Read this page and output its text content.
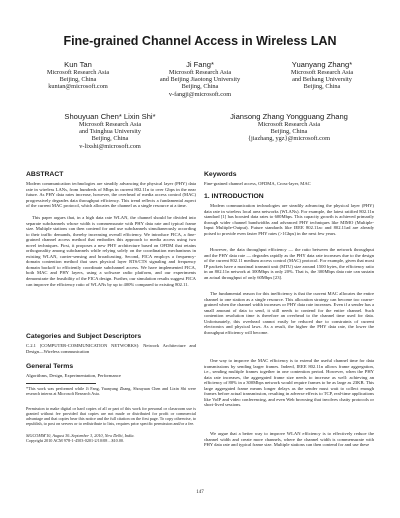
Fine-grained Channel Access in Wireless LAN
Kun Tan
Microsoft Research Asia
Beijing, China
kuntan@microsoft.com
Ji Fang*
Microsoft Research Asia
and Beijing Jiaotong University
Beijing, China
v-fangji@microsoft.com
Yuanyang Zhang*
Microsoft Research Asia
and Beihang University
Beijing, China
Shouyuan Chen* Lixin Shi*
Microsoft Research Asia
and Tsinghua University
Beijing, China
v-lixshi@microsoft.com
Jiansong Zhang Yongguang Zhang
Microsoft Research Asia
Beijing, China
{jiazhang, ygz}@microsoft.com
ABSTRACT

Modern communication technologies are steadily advancing the physical layer (PHY) data rate in wireless LANs, from hundreds of Mbps in current 802.11n to over Gbps in the near future. As PHY data rates increase, however, the overhead of media access control (MAC) progressively degrades data throughput efficiency. This trend reflects a fundamental aspect of the current MAC protocol, which allocates the channel as a single resource at a time.

This paper argues that, in a high data rate WLAN, the channel should be divided into separate subchannels whose width is commensurate with PHY data rate and typical frame size. Multiple stations can then contend for and use subchannels simultaneously according to their traffic demands, thereby increasing overall efficiency. We introduce FICA, a fine-grained channel access method that embodies this approach to media access using two novel techniques. First, it proposes a new PHY architecture based on OFDM that retains orthogonality among subchannels while relying solely on the coordination mechanisms in existing WLAN, carrier-sensing and broadcasting. Second, FICA employs a frequency-domain contention method that uses physical layer RTS/CTS signaling and frequency domain backoff to efficiently coordinate subchannel access. We have implemented FICA, both MAC and PHY layers, using a software radio platform, and our experiments demonstrate the feasibility of the FICA design. Further, our simulation results suggest FICA can improve the efficiency ratio of WLANs by up to 400% compared to existing 802.11.

Categories and Subject Descriptors

C.2.1 [COMPUTER-COMMUNICATION NETWORKS]: Network Architecture and Design—Wireless communication

General Terms

Algorithms, Design, Experimentation, Performance

*This work was performed while Ji Fang, Yuanyang Zhang, Shouyuan Chen and Lixin Shi were research interns at Microsoft Research Asia.

Permission to make digital or hard copies of all or part of this work for personal or classroom use is granted without fee provided that copies are not made or distributed for profit or commercial advantage and that copies bear this notice and the full citation on the first page. To copy otherwise, to republish, to post on servers or to redistribute to lists, requires prior specific permission and/or a fee.

SIGCOMM'10, August 30–September 3, 2010, New Delhi, India.

Copyright 2010 ACM 978-1-4503-0201-2/10/08 ...$10.00.

Keywords

Fine-grained channel access, OFDMA, Cross-layer, MAC

1. INTRODUCTION

Modern communication technologies are steadily advancing the physical layer (PHY) data rate in wireless local area networks (WLANs). For example, the latest ratified 802.11n standard [1] has boosted data rates to 600Mbps. This capacity growth is achieved primarily through wider channel bandwidths and advanced PHY techniques like MIMO (Multiple-Input Multiple-Output). Future standards like IEEE 802.11ac and 802.11ad are already poised to provide even faster PHY rates (>1Gbps) in the next few years.

However, the data throughput efficiency — the ratio between the network throughput and the PHY data rate — degrades rapidly as the PHY data rate increases due to the design of the current 802.11 medium access control (MAC) protocol. For example, given that most IP packets have a maximal transmit unit (MTU) size around 1500 bytes, the efficiency ratio in an 802.11n network at 300Mbps is only 20%. That is, the 300Mbps data rate can sustain an actual throughput of only 60Mbps [23].

The fundamental reason for this inefficiency is that the current MAC allocates the entire channel to one station as a single resource. This allocation strategy can become too coarse-grained when the channel width increases or PHY data rate increases. Even if a sender has a small amount of data to send, it still needs to contend for the entire channel. Such contention resolution time is therefore an overhead to the channel time used for data. Unfortunately, this overhead cannot easily be reduced due to constraints of current electronics and physical laws. As a result, the higher the PHY data rate, the lower the throughput efficiency will become.

One way to improve the MAC efficiency is to extend the useful channel time for data transmissions by sending larger frames. Indeed, IEEE 802.11n allows frame aggregation, i.e., sending multiple frames together in one contention period. However, when the PHY data rate increases, the aggregated frame size needs to increase as well: achieving an efficiency of 80% in a 300Mbps network would require frames to be as large as 23KB. This large aggregated frame means longer delays as the sender must wait to collect enough frames before actual transmission, resulting in adverse effects to TCP, real-time applications like VoIP and video conferencing, and even Web browsing that involves chatty protocols or short-lived sessions.

We argue that a better way to improve WLAN efficiency is to effectively reduce the channel width and create more channels, where the channel width is commensurate with PHY data rate and typical frame size. Multiple stations can then contend for and use these

147
